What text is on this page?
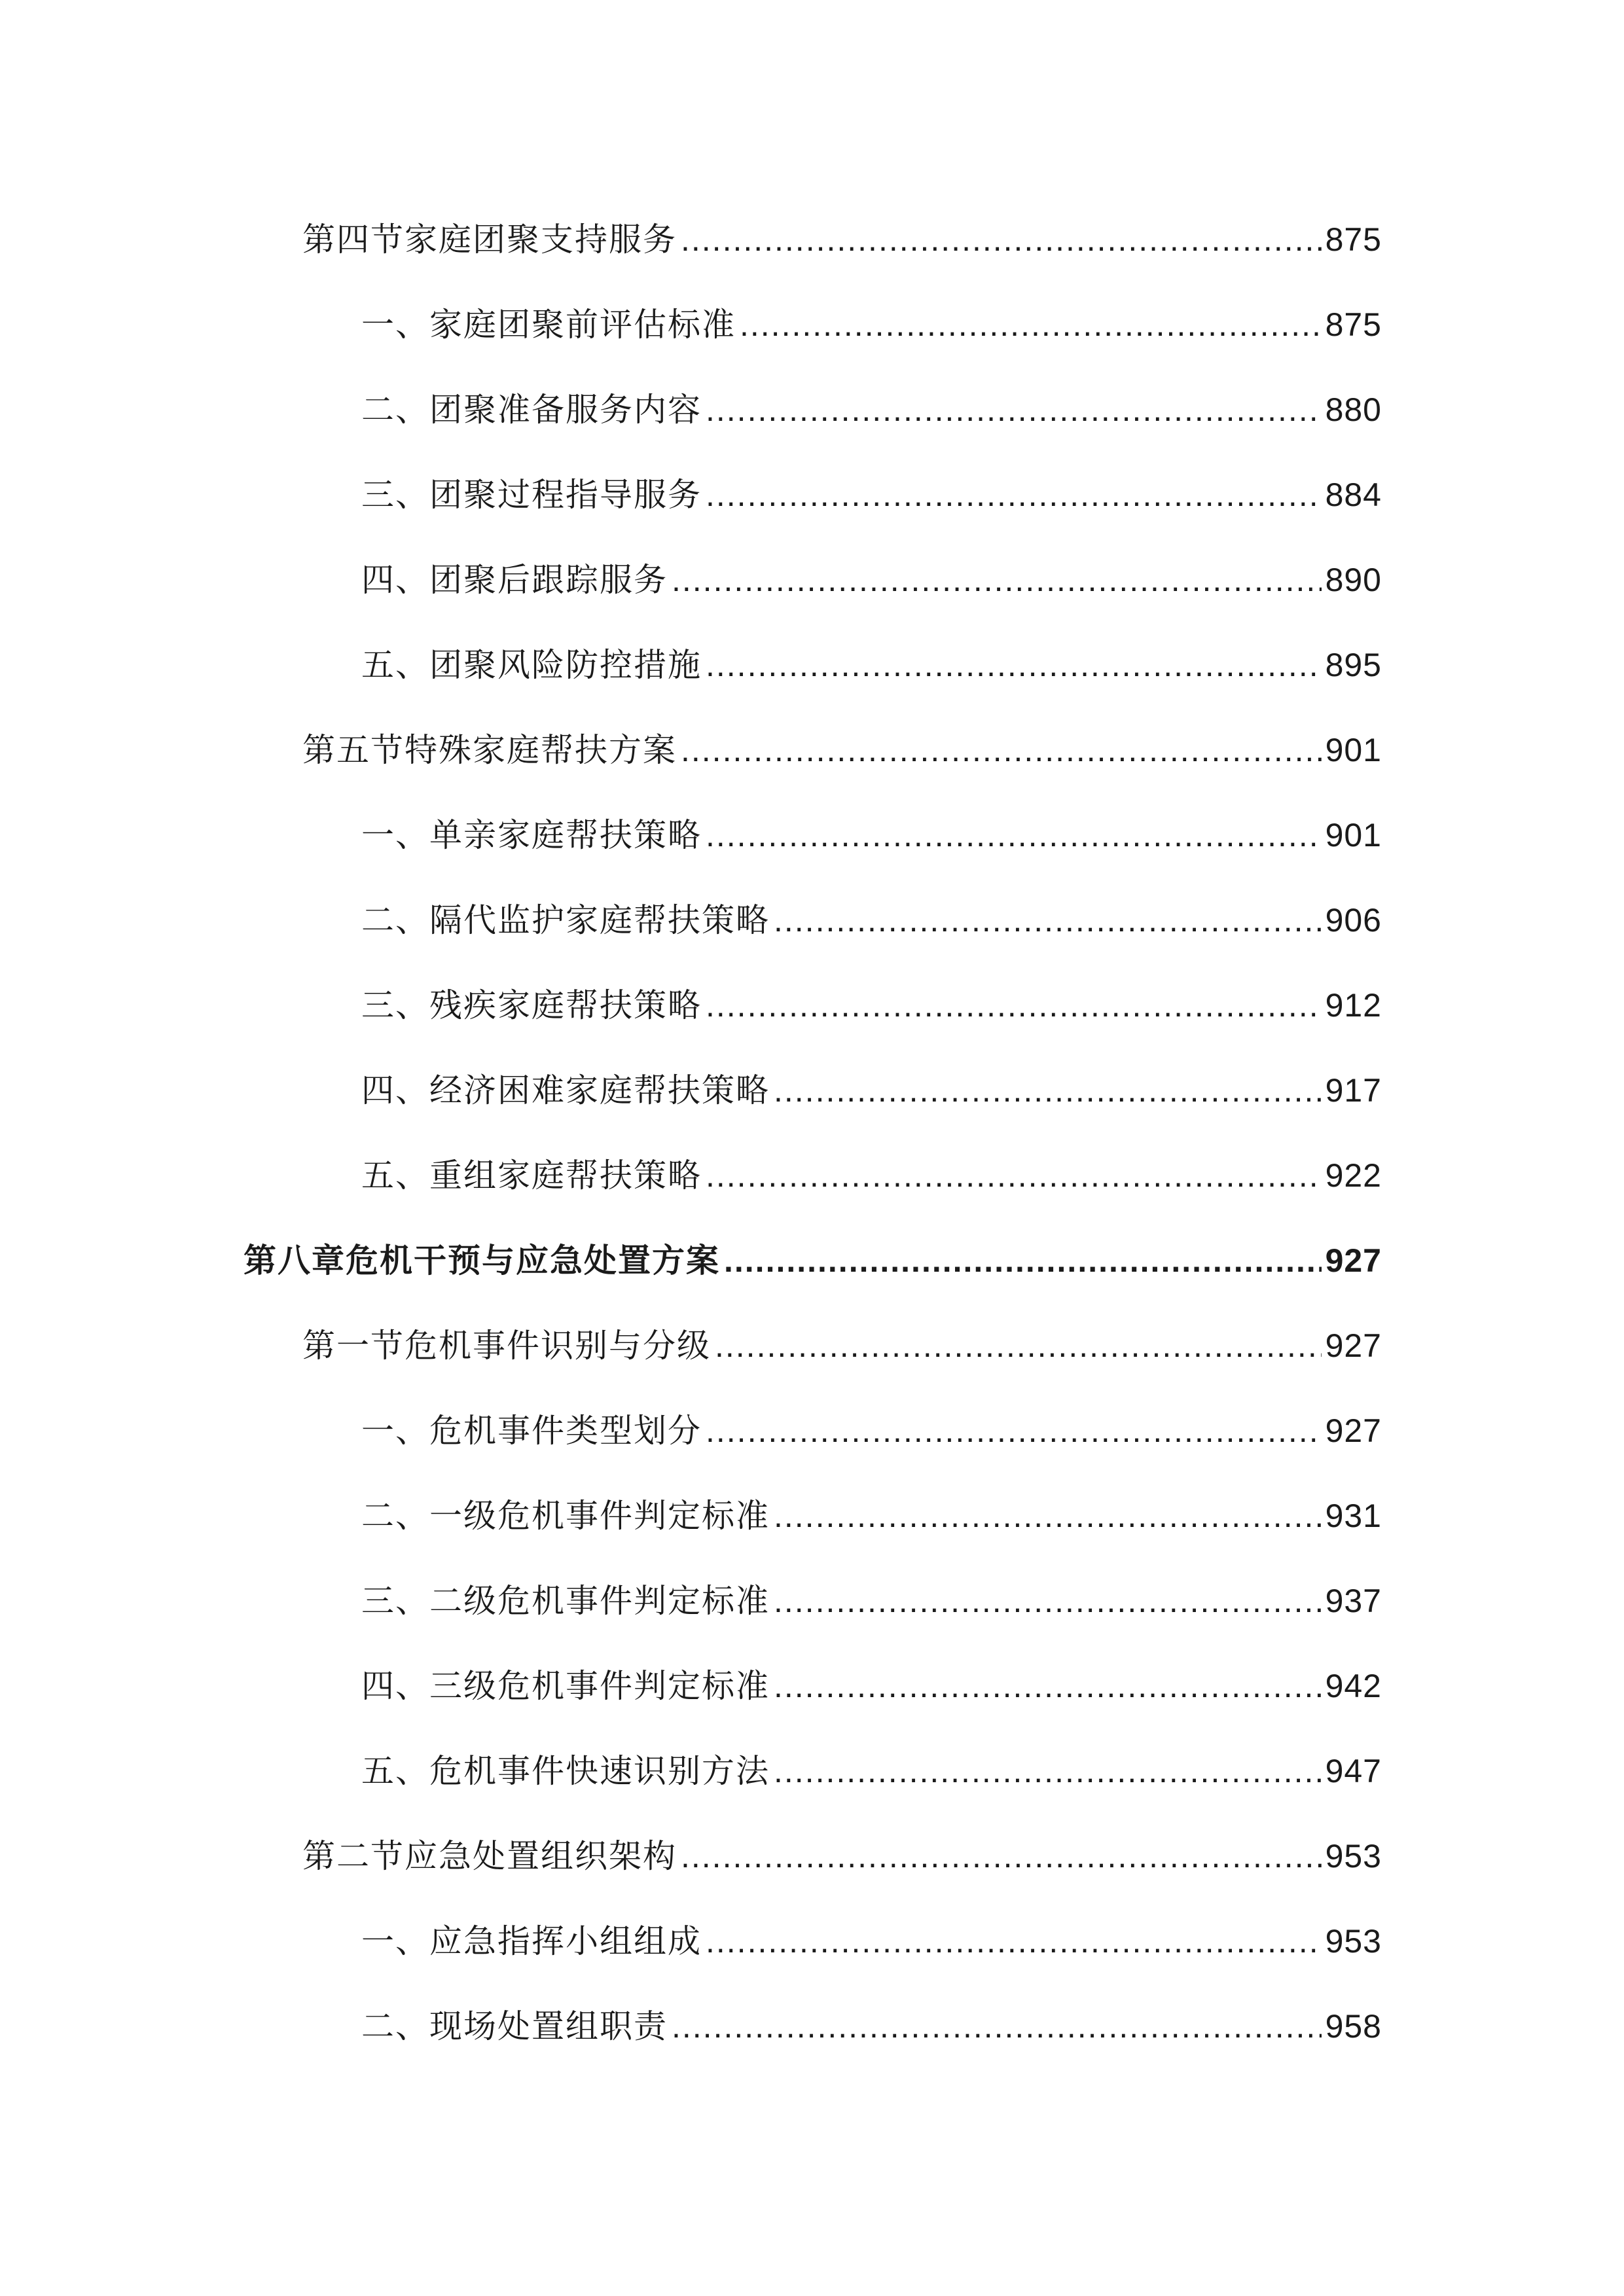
第四节家庭团聚支持服务 .....	875
一、家庭团聚前评估标准 .....	875
二、团聚准备服务内容 .....	880
三、团聚过程指导服务 .....	884
四、团聚后跟踪服务 .....	890
五、团聚风险防控措施 .....	895
第五节特殊家庭帮扶方案 .....	901
一、单亲家庭帮扶策略 .....	901
二、隔代监护家庭帮扶策略 .....	906
三、残疾家庭帮扶策略 .....	912
四、经济困难家庭帮扶策略 .....	917
五、重组家庭帮扶策略 .....	922
第八章危机干预与应急处置方案 .....	927
第一节危机事件识别与分级 .....	927
一、危机事件类型划分 .....	927
二、一级危机事件判定标准 .....	931
三、二级危机事件判定标准 .....	937
四、三级危机事件判定标准 .....	942
五、危机事件快速识别方法 .....	947
第二节应急处置组织架构 .....	953
一、应急指挥小组组成 .....	953
二、现场处置组职责 .....	958
